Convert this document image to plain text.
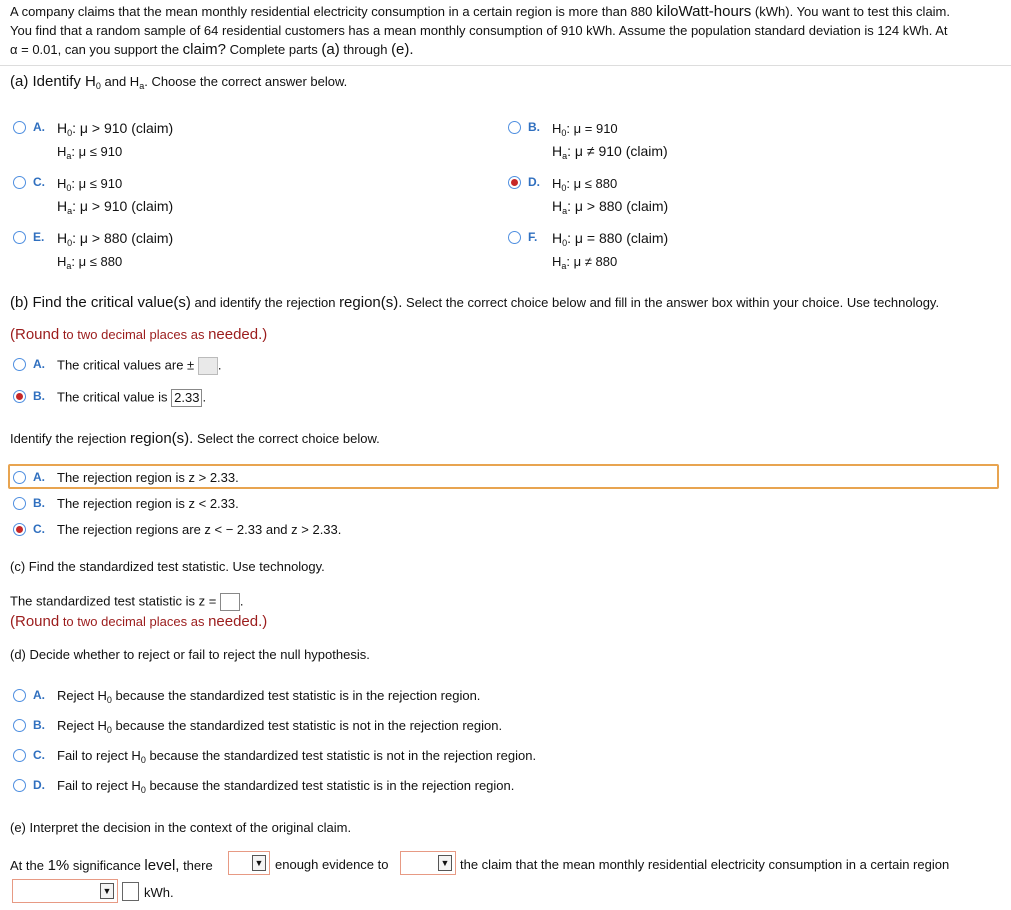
A company claims that the mean monthly residential electricity consumption in a certain region is more than 880 kiloWatt-hours (kWh). You want to test this claim.
You find that a random sample of 64 residential customers has a mean monthly consumption of 910 kWh. Assume the population standard deviation is 124 kWh. At
α = 0.01, can you support the claim? Complete parts (a) through (e).
(a) Identify $H_0$ and $H_a$. Choose the correct answer below.
A. $H_0$: μ > 910 (claim)
$H_a$: μ ≤ 910
B. $H_0$: μ = 910
$H_a$: μ ≠ 910 (claim)
C. $H_0$: μ ≤ 910
$H_a$: μ > 910 (claim)
D. $H_0$: μ ≤ 880
$H_a$: μ > 880 (claim)
E. $H_0$: μ > 880 (claim)
$H_a$: μ ≤ 880
F. $H_0$: μ = 880 (claim)
$H_a$: μ ≠ 880
(b) Find the critical value(s) and identify the rejection region(s). Select the correct choice below and fill in the answer box within your choice. Use technology.
(Round to two decimal places as needed.)
A. The critical values are ± .
B. The critical value is 2.33 .
Identify the rejection region(s). Select the correct choice below.
A. The rejection region is z > 2.33.
B. The rejection region is z < 2.33.
C. The rejection regions are z < − 2.33 and z > 2.33.
(c) Find the standardized test statistic. Use technology.
The standardized test statistic is z = .
(Round to two decimal places as needed.)
(d) Decide whether to reject or fail to reject the null hypothesis.
A. Reject $H_0$ because the standardized test statistic is in the rejection region.
B. Reject $H_0$ because the standardized test statistic is not in the rejection region.
C. Fail to reject $H_0$ because the standardized test statistic is not in the rejection region.
D. Fail to reject $H_0$ because the standardized test statistic is in the rejection region.
(e) Interpret the decision in the context of the original claim.
At the 1% significance level, there	▼ enough evidence to	▼ the claim that the mean monthly residential electricity consumption in a certain region
▼	kWh.
